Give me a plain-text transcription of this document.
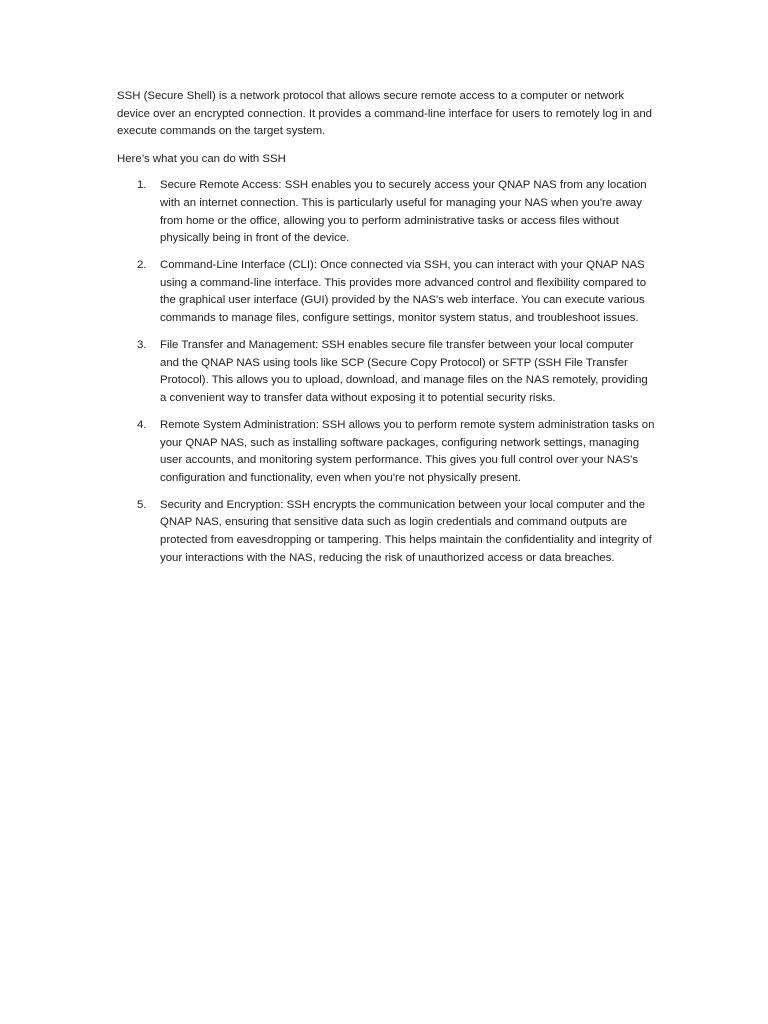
SSH (Secure Shell) is a network protocol that allows secure remote access to a computer or network device over an encrypted connection. It provides a command-line interface for users to remotely log in and execute commands on the target system.

Here’s what you can do with SSH

1. Secure Remote Access: SSH enables you to securely access your QNAP NAS from any location with an internet connection. This is particularly useful for managing your NAS when you're away from home or the office, allowing you to perform administrative tasks or access files without physically being in front of the device.
2. Command-Line Interface (CLI): Once connected via SSH, you can interact with your QNAP NAS using a command-line interface. This provides more advanced control and flexibility compared to the graphical user interface (GUI) provided by the NAS's web interface. You can execute various commands to manage files, configure settings, monitor system status, and troubleshoot issues.
3. File Transfer and Management: SSH enables secure file transfer between your local computer and the QNAP NAS using tools like SCP (Secure Copy Protocol) or SFTP (SSH File Transfer Protocol). This allows you to upload, download, and manage files on the NAS remotely, providing a convenient way to transfer data without exposing it to potential security risks.
4. Remote System Administration: SSH allows you to perform remote system administration tasks on your QNAP NAS, such as installing software packages, configuring network settings, managing user accounts, and monitoring system performance. This gives you full control over your NAS's configuration and functionality, even when you're not physically present.
5. Security and Encryption: SSH encrypts the communication between your local computer and the QNAP NAS, ensuring that sensitive data such as login credentials and command outputs are protected from eavesdropping or tampering. This helps maintain the confidentiality and integrity of your interactions with the NAS, reducing the risk of unauthorized access or data breaches.
